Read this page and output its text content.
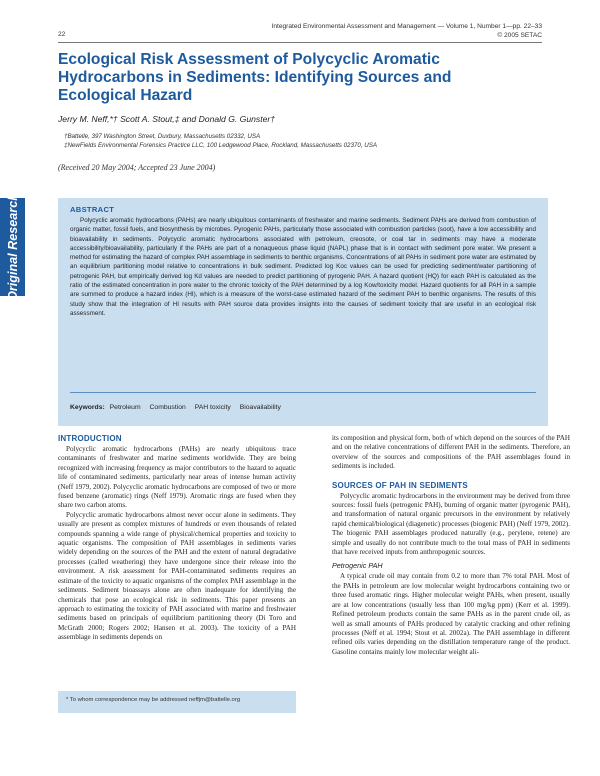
Integrated Environmental Assessment and Management — Volume 1, Number 1—pp. 22–33
© 2005 SETAC
22
Ecological Risk Assessment of Polycyclic Aromatic Hydrocarbons in Sediments: Identifying Sources and Ecological Hazard
Jerry M. Neff,*† Scott A. Stout,‡ and Donald G. Gunster†
†Battelle, 397 Washington Street, Duxbury, Massachusetts 02332, USA
‡NewFields Environmental Forensics Practice LLC, 100 Ledgewood Place, Rockland, Massachusetts 02370, USA
(Received 20 May 2004; Accepted 23 June 2004)
Original Research	ABSTRACT

Polycyclic aromatic hydrocarbons (PAHs) are nearly ubiquitous contaminants of freshwater and marine sediments. Sediment PAHs are derived from combustion of organic matter, fossil fuels, and biosynthesis by microbes. Pyrogenic PAHs, particularly those associated with combustion particles (soot), have a low accessibility and bioavailability in sediments. Polycyclic aromatic hydrocarbons associated with petroleum, creosote, or coal tar in sediments may have a moderate accessibility/bioavailability, particularly if the PAHs are part of a nonaqueous phase liquid (NAPL) phase that is in contact with sediment pore water. We present a method for estimating the hazard of complex PAH assemblage in sediments to benthic organisms. Concentrations of all PAHs in sediment pore water are estimated by an equilibrium partitioning model relative to concentrations in bulk sediment. Predicted log Koc values can be used for predicting sediment/water partitioning of petrogenic PAH, but empirically derived log Kd values are needed to predict partitioning of pyrogenic PAH. A hazard quotient (HQ) for each PAH is calculated as the ratio of the estimated concentration in pore water to the chronic toxicity of the PAH determined by a log Kow/toxicity model. Hazard quotients for all PAH in a sample are summed to produce a hazard index (HI), which is a measure of the worst-case estimated hazard of the sediment PAH to benthic organisms. The results of this study show that the integration of HI results with PAH source data provides insights into the causes of sediment toxicity that are useful in an ecological risk assessment.

Keywords: Petroleum Combustion PAH toxicity Bioavailability
INTRODUCTION

Polycyclic aromatic hydrocarbons (PAHs) are nearly ubiquitous trace contaminants of freshwater and marine sediments worldwide. They are being recognized with increasing frequency as major contributors to the hazard to aquatic life of contaminated sediments, particularly near areas of intense human activity (Neff 1979, 2002). Polycyclic aromatic hydrocarbons are composed of two or more fused benzene (aromatic) rings (Neff 1979). Aromatic rings are fused when they share two carbon atoms.

Polycyclic aromatic hydrocarbons almost never occur alone in sediments. They usually are present as complex mixtures of hundreds or even thousands of related compounds spanning a wide range of physical/chemical properties and toxicity to aquatic organisms. The composition of PAH assemblages in sediments varies widely depending on the sources of the PAH and the extent of natural degradative processes (called weathering) they have undergone since their release into the environment. A risk assessment for PAH-contaminated sediments requires an estimate of the toxicity to aquatic organisms of the complex PAH assemblage in the sediments. Sediment bioassays alone are often inadequate for identifying the chemicals that pose an ecological risk in sediments. This paper presents an approach to estimating the toxicity of PAH associated with marine and freshwater sediments based on principals of equilibrium partitioning theory (Di Toro and McGrath 2000; Rogers 2002; Hansen et al. 2003). The toxicity of a PAH assemblage in sediments depends on

its composition and physical form, both of which depend on the sources of the PAH and on the relative concentrations of different PAH in the sediments. Therefore, an overview of the sources and compositions of the PAH assemblages found in sediments is included.

SOURCES OF PAH IN SEDIMENTS

Polycyclic aromatic hydrocarbons in the environment may be derived from three sources: fossil fuels (petrogenic PAH), burning of organic matter (pyrogenic PAH), and transformation of natural organic precursors in the environment by relatively rapid chemical/biological (diagenetic) processes (biogenic PAH) (Neff 1979, 2002). The biogenic PAH assemblages produced naturally (e.g., perylene, retene) are simple and usually do not contribute much to the total mass of PAH in sediments that have received inputs from anthropogenic sources.

Petrogenic PAH

A typical crude oil may contain from 0.2 to more than 7% total PAH. Most of the PAHs in petroleum are low molecular weight hydrocarbons containing two or three fused aromatic rings. Higher molecular weight PAHs, when present, usually are at low concentrations (usually less than 100 mg/kg ppm) (Kerr et al. 1999). Refined petroleum products contain the same PAHs as in the parent crude oil, as well as small amounts of PAHs produced by catalytic cracking and other refining processes (Neff et al. 1994; Stout et al. 2002a). The PAH assemblage in different refined oils varies depending on the distillation temperature range of the product. Gasoline contains mainly low molecular weight ali-

* To whom correspondence may be addressed neffjm@battelle.org
